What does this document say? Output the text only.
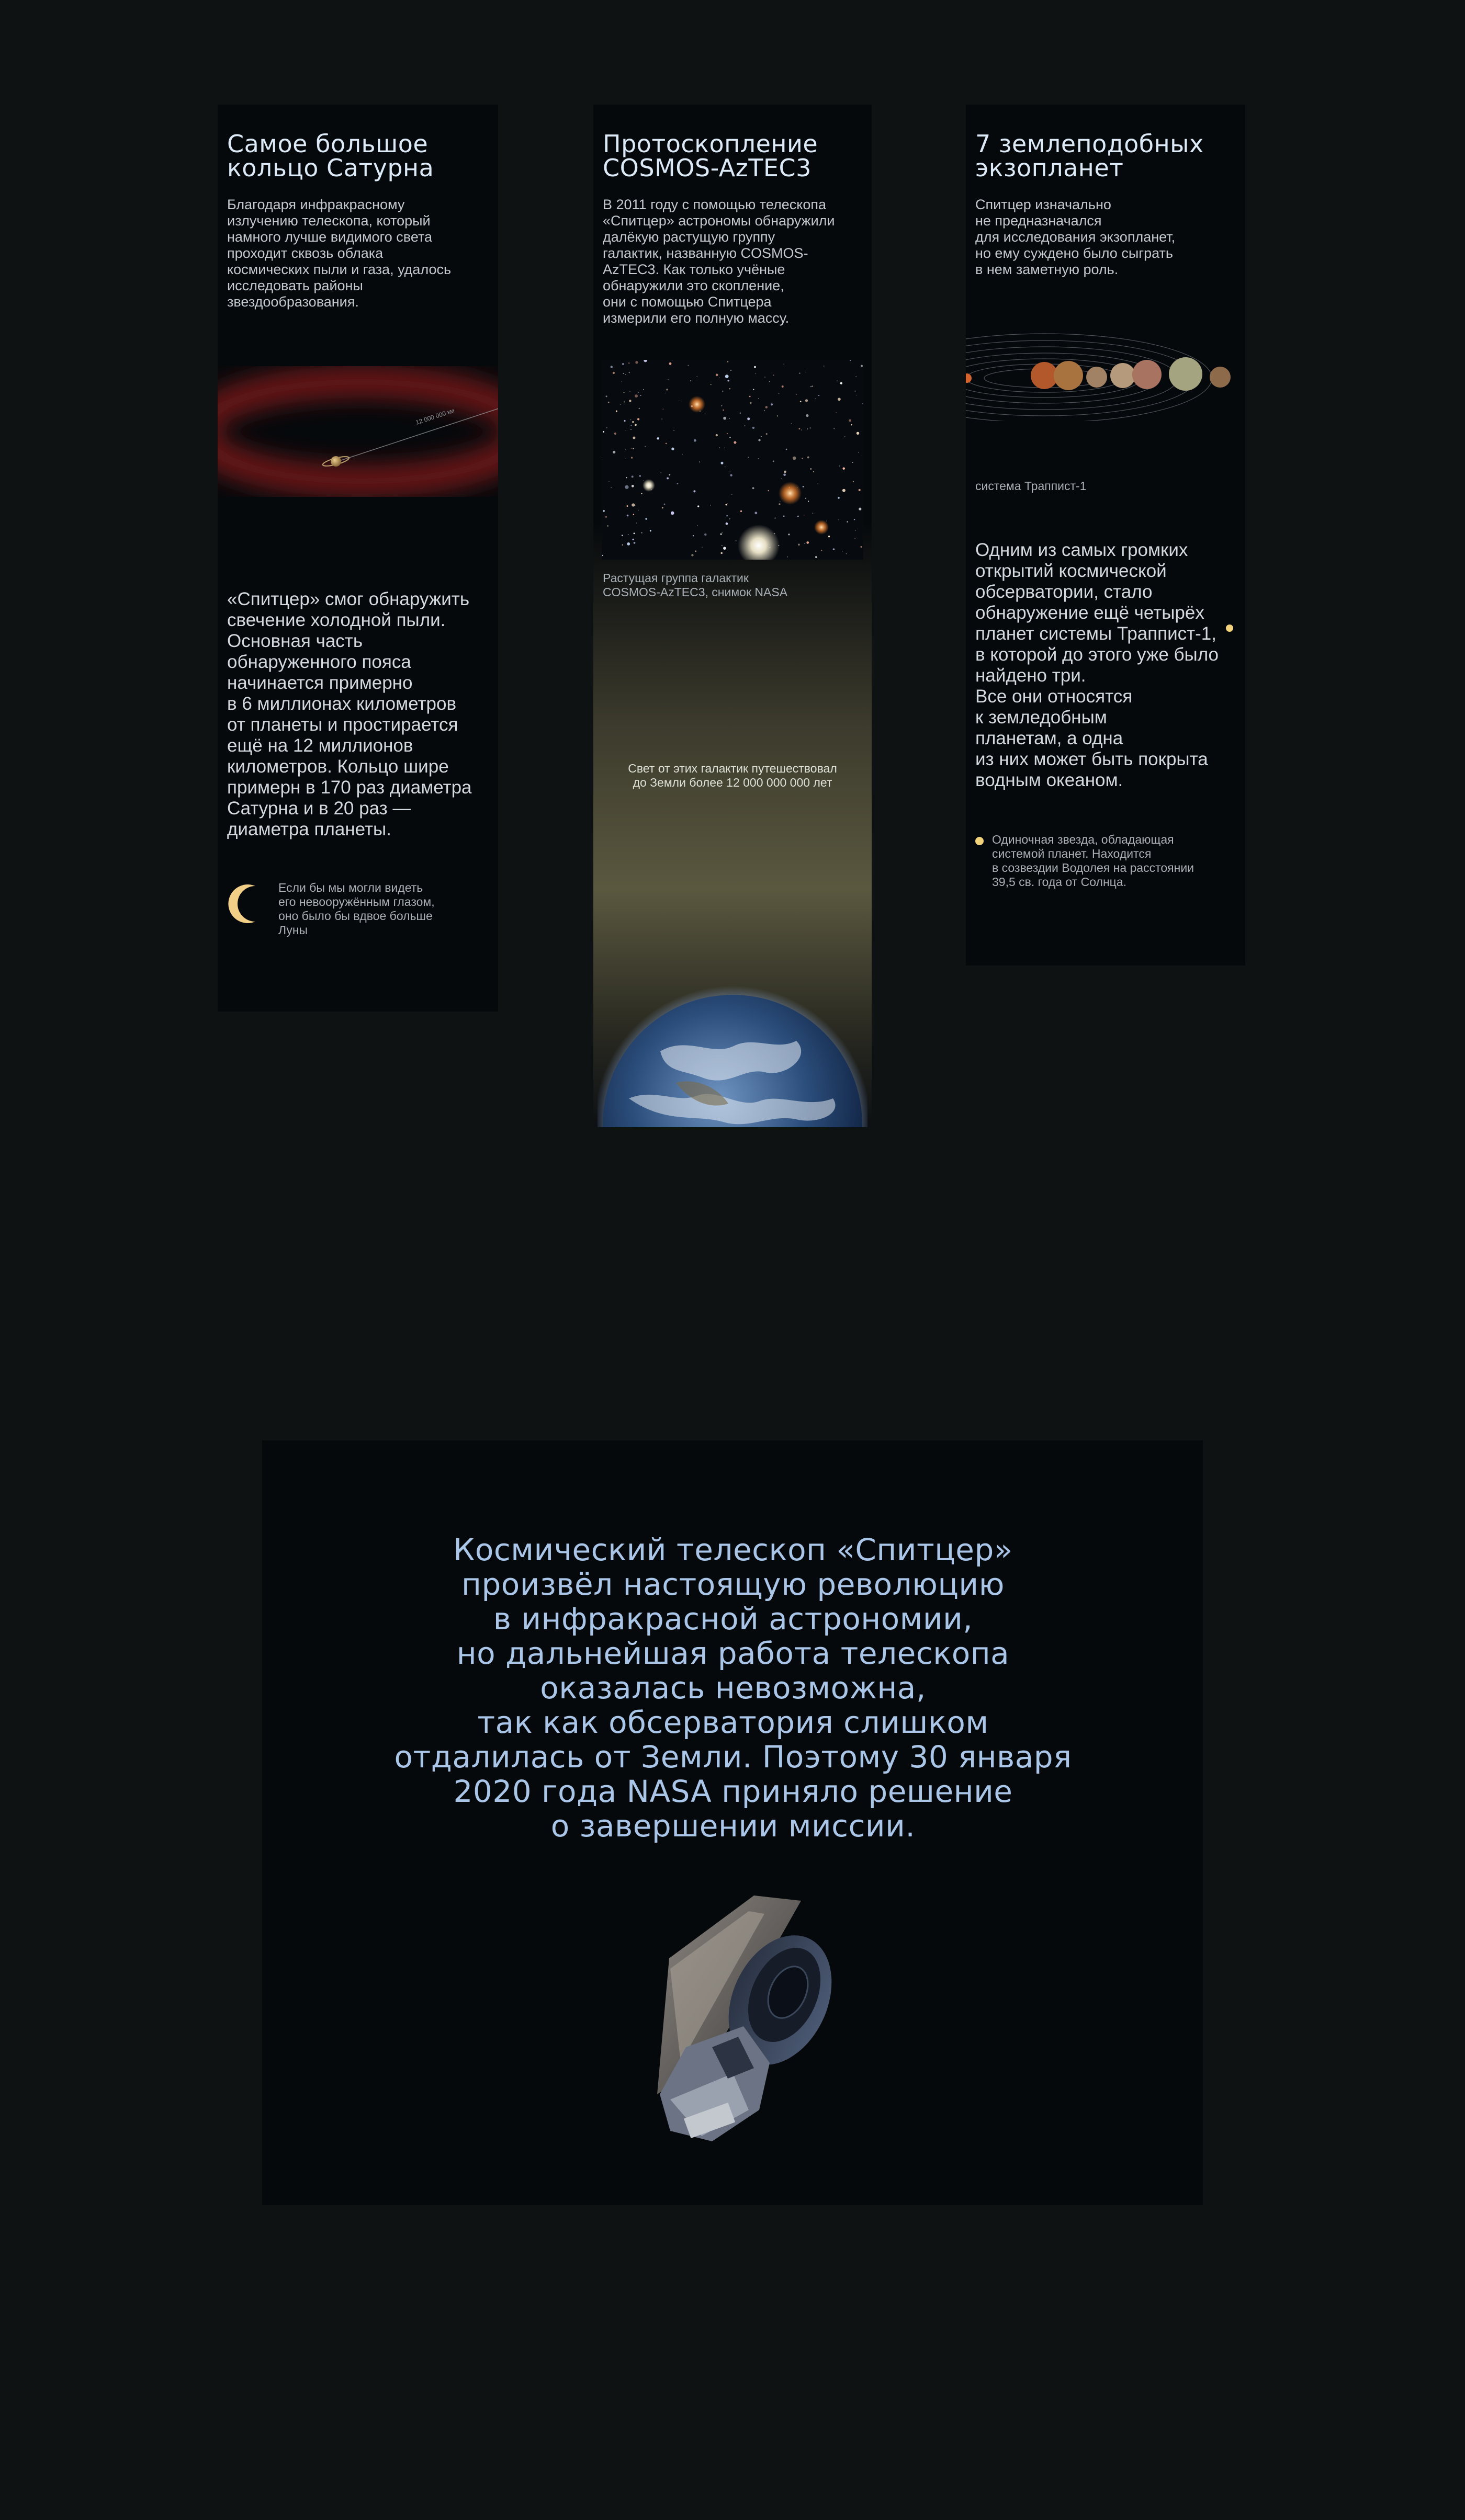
Самое большое
кольцо Сатурна

Благодаря инфракрасному
излучению телескопа, который
намного лучше видимого света
проходит сквозь облака
космических пыли и газа, удалось
исследовать районы
звездообразования.

12 000 000 км

«Спитцер» смог обнаружить
свечение холодной пыли.
Основная часть
обнаруженного пояса
начинается примерно
в 6 миллионах километров
от планеты и простирается
ещё на 12 миллионов
километров. Кольцо шире
примерн в 170 раз диаметра
Сатурна и в 20 раз —
диаметра планеты.

Если бы мы могли видеть
его невооружённым глазом,
оно было бы вдвое больше
Луны

Протоскопление
COSMOS-AzTEC3

В 2011 году с помощью телескопа
«Спитцер» астрономы обнаружили
далёкую растущую группу
галактик, названную COSMOS-
AzTEC3. Как только учёные
обнаружили это скопление,
они с помощью Спитцера
измерили его полную массу.

Растущая группа галактик
COSMOS-AzTEC3, снимок NASA

Свет от этих галактик путешествовал
до Земли более 12 000 000 000 лет

7 землеподобных
экзопланет

Спитцер изначально
не предназначался
для исследования экзопланет,
но ему суждено было сыграть
в нем заметную роль.

система Траппист-1

Одним из самых громких
открытий космической
обсерватории, стало
обнаружение ещё четырёх
планет системы Траппист-1,
в которой до этого уже было
найдено три.
Все они относятся
к земледобным
планетам, а одна
из них может быть покрыта
водным океаном.

Одиночная звезда, обладающая
системой планет. Находится
в созвездии Водолея на расстоянии
39,5 св. года от Солнца.

Космический телескоп «Спитцер»
произвёл настоящую революцию
в инфракрасной астрономии,
но дальнейшая работа телескопа
оказалась невозможна,
так как обсерватория слишком
отдалилась от Земли. Поэтому 30 января
2020 года NASA приняло решение
о завершении миссии.
